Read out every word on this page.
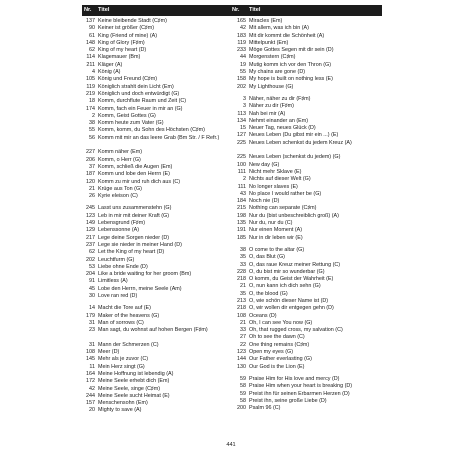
Nr. Titel	Nr. Titel
137 Keine bleibende Stadt (C♯m)
90 Keiner ist größer (C♯m)
61 King (Friend of mine) (A)
148 King of Glory (F♯m)
62 King of my heart (D)
114 Klagemauer (Bm)
211 Kläger (A)
4 König (A)
105 König und Freund (C♯m)
119 Königlich strahlt dein Licht (Em)
219 Königlich und doch entwürdigt (G)
18 Komm, durchflute Raum und Zeit (C)
174 Komm, fach ein Feuer in mir an (G)
2 Komm, Geist Gottes (G)
38 Komm heute zum Vater (G)
55 Komm, komm, du Sohn des Höchsten (C♯m)
56 Komm mit mir an das leere Grab (Bm Str. / F Refr.)
227 Komm näher (Em)
206 Komm, o Herr (G)
37 Komm, schließ die Augen (Em)
187 Komm und lobe den Herrn (E)
120 Komm zu mir und ruh dich aus (C)
21 Krüge aus Ton (G)
26 Kyrie eleison (C)
245 Lasst uns zusammenstehn (G)
123 Leb in mir mit deiner Kraft (G)
149 Lebensgrund (F♯m)
129 Lebenssonne (A)
217 Lege deine Sorgen nieder (D)
237 Lege sie nieder in meiner Hand (D)
62 Let the King of my heart (D)
202 Leuchtfurm (G)
53 Liebe ohne Ende (D)
204 Like a bride waiting for her groom (Bm)
91 Limitless (A)
45 Lobe den Herrn, meine Seele (Am)
30 Love ran red (D)
14 Macht die Tore auf (E)
179 Maker of the heavens (G)
31 Man of sorrows (C)
23 Man sagt, du wohnst auf hohen Bergen (F♯m)
31 Mann der Schmerzen (C)
108 Meer (D)
145 Mehr als je zuvor (C)
11 Mein Herz singt (G)
164 Meine Hoffnung ist lebendig (A)
172 Meine Seele erhebt dich (Em)
42 Meine Seele, singe (C♯m)
244 Meine Seele sucht Heimat (E)
157 Menschensohn (Em)
20 Mighty to save (A)
165 Miracles (Em)
42 Mit allem, was ich bin (A)
183 Mit dir kommt die Schönheit (A)
119 Mittelpunkt (Em)
233 Möge Gottes Segen mit dir sein (D)
44 Morgenstern (C♯m)
19 Mutig komm ich vor den Thron (G)
55 My chains are gone (D)
158 My hope is built on nothing less (E)
202 My Lighthouse (G)
3 Näher, näher zu dir (F♯m)
3 Näher zu dir (F♯m)
113 Nah bei mir (A)
134 Nehmt einander an (Em)
15 Neuer Tag, neues Glück (D)
127 Neues Leben (Du gibst mir ein ...) (E)
225 Neues Leben schenkst du jedem Kreuz (A)
225 Neues Leben (schenkst du jedem) (G)
100 New day (G)
111 Nicht mehr Sklave (E)
2 Nichts auf dieser Welt (G)
111 No longer slaves (E)
43 No place I would rather be (G)
184 Noch nie (D)
215 Nothing can separate (C♯m)
198 Nur du (bist unbeschreiblich groß) (A)
135 Nur du, nur du (C)
191 Nur einen Moment (A)
185 Nur in dir leben wir (E)
38 O come to the altar (G)
35 O, das Blut (G)
33 O, das raue Kreuz meiner Rettung (C)
228 O, du bist mir so wunderbar (G)
218 O komm, du Geist der Wahrheit (E)
21 O, nun kann ich dich sehn (G)
35 O, the blood (G)
213 O, wie schön dieser Name ist (D)
218 O, wir wollen dir entgegen gehn (D)
108 Oceans (D)
21 Oh, I can see You now (G)
33 Oh, that rugged cross, my salvation (C)
27 Oh to see the dawn (C)
22 One thing remains (C♯m)
123 Open my eyes (G)
144 Our Father everlasting (G)
130 Our God is the Lion (E)
59 Praise Him for His love and mercy (D)
58 Praise Him when your heart is breaking (D)
59 Preist ihn für seinen Erbarmen Herzen (D)
58 Preist ihn, seine große Liebe (D)
200 Psalm 96 (C)
441
